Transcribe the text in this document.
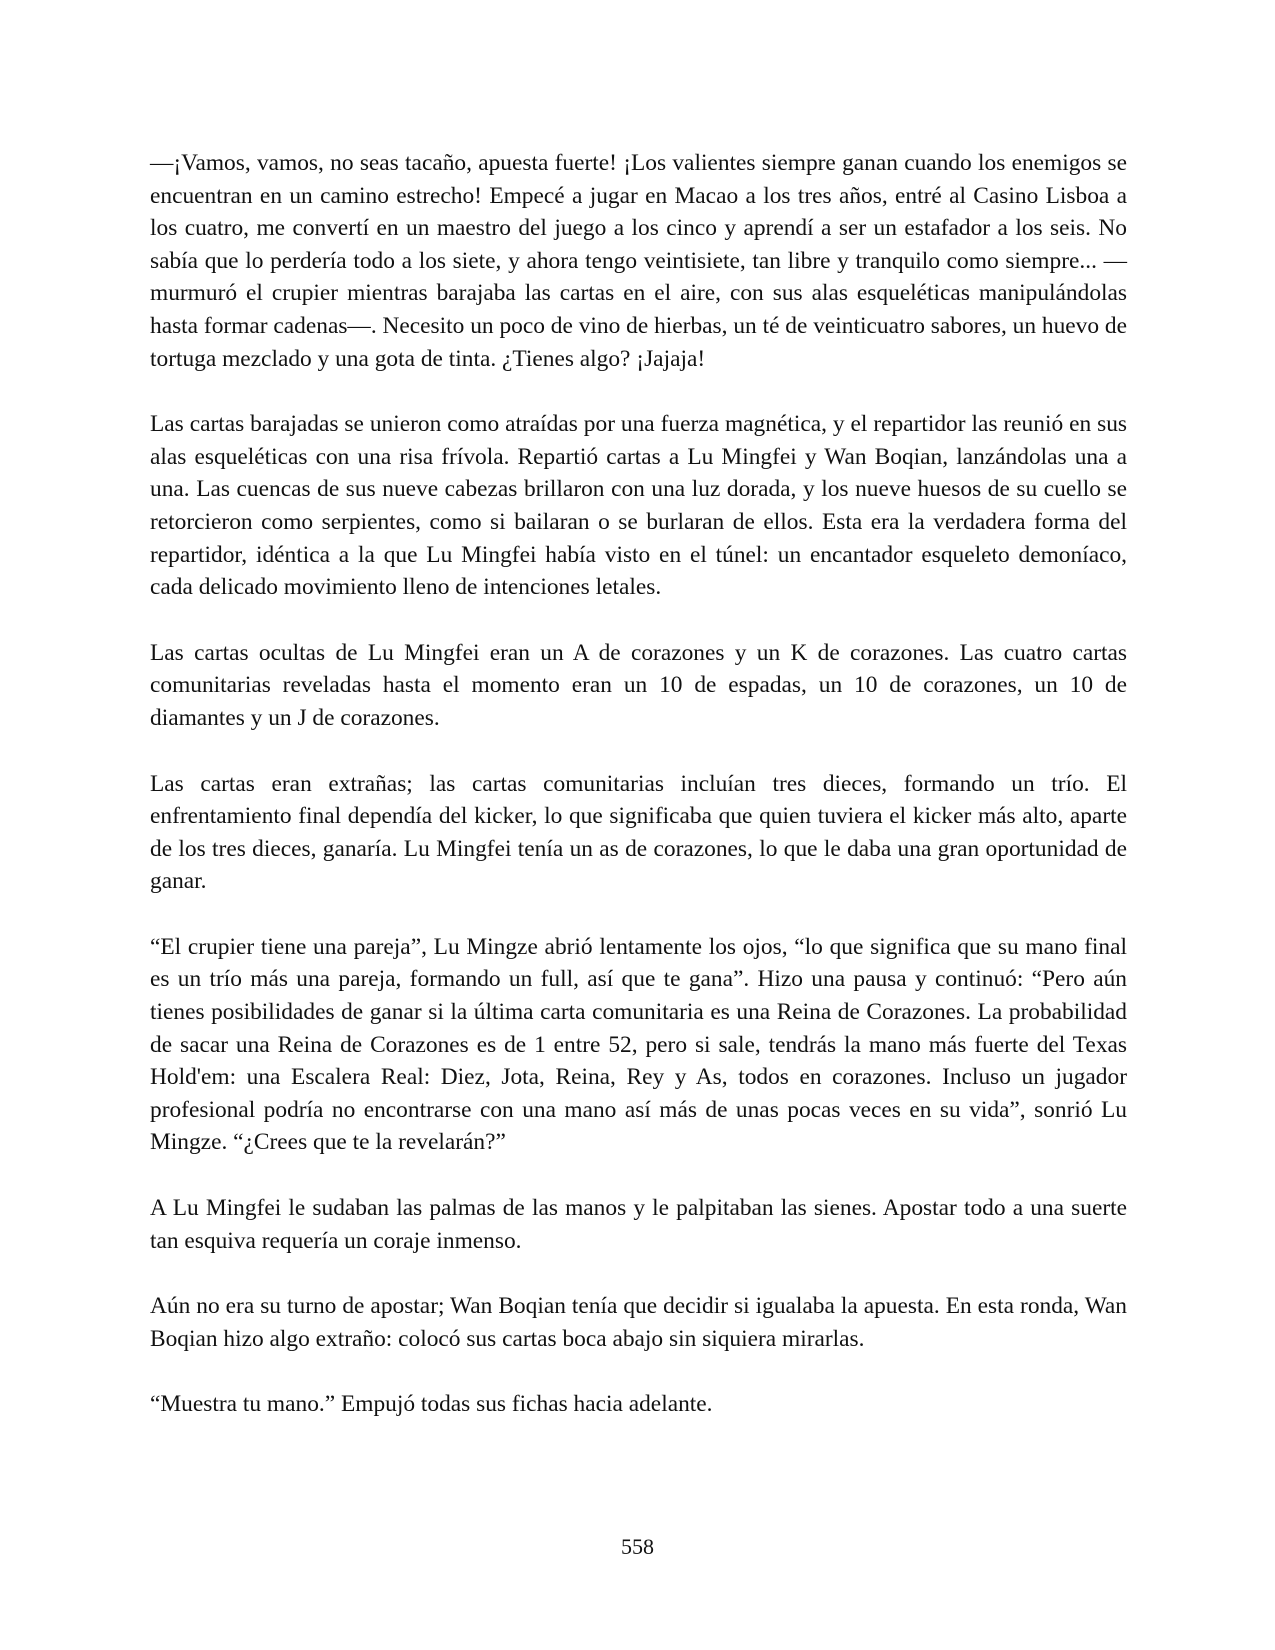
—¡Vamos, vamos, no seas tacaño, apuesta fuerte! ¡Los valientes siempre ganan cuando los enemigos se encuentran en un camino estrecho! Empecé a jugar en Macao a los tres años, entré al Casino Lisboa a los cuatro, me convertí en un maestro del juego a los cinco y aprendí a ser un estafador a los seis. No sabía que lo perdería todo a los siete, y ahora tengo veintisiete, tan libre y tranquilo como siempre... —murmuró el crupier mientras barajaba las cartas en el aire, con sus alas esqueléticas manipulándolas hasta formar cadenas—. Necesito un poco de vino de hierbas, un té de veinticuatro sabores, un huevo de tortuga mezclado y una gota de tinta. ¿Tienes algo? ¡Jajaja!

Las cartas barajadas se unieron como atraídas por una fuerza magnética, y el repartidor las reunió en sus alas esqueléticas con una risa frívola. Repartió cartas a Lu Mingfei y Wan Boqian, lanzándolas una a una. Las cuencas de sus nueve cabezas brillaron con una luz dorada, y los nueve huesos de su cuello se retorcieron como serpientes, como si bailaran o se burlaran de ellos. Esta era la verdadera forma del repartidor, idéntica a la que Lu Mingfei había visto en el túnel: un encantador esqueleto demoníaco, cada delicado movimiento lleno de intenciones letales.

Las cartas ocultas de Lu Mingfei eran un A de corazones y un K de corazones. Las cuatro cartas comunitarias reveladas hasta el momento eran un 10 de espadas, un 10 de corazones, un 10 de diamantes y un J de corazones.

Las cartas eran extrañas; las cartas comunitarias incluían tres dieces, formando un trío. El enfrentamiento final dependía del kicker, lo que significaba que quien tuviera el kicker más alto, aparte de los tres dieces, ganaría. Lu Mingfei tenía un as de corazones, lo que le daba una gran oportunidad de ganar.

“El crupier tiene una pareja”, Lu Mingze abrió lentamente los ojos, “lo que significa que su mano final es un trío más una pareja, formando un full, así que te gana”. Hizo una pausa y continuó: “Pero aún tienes posibilidades de ganar si la última carta comunitaria es una Reina de Corazones. La probabilidad de sacar una Reina de Corazones es de 1 entre 52, pero si sale, tendrás la mano más fuerte del Texas Hold'em: una Escalera Real: Diez, Jota, Reina, Rey y As, todos en corazones. Incluso un jugador profesional podría no encontrarse con una mano así más de unas pocas veces en su vida”, sonrió Lu Mingze. “¿Crees que te la revelarán?”

A Lu Mingfei le sudaban las palmas de las manos y le palpitaban las sienes. Apostar todo a una suerte tan esquiva requería un coraje inmenso.

Aún no era su turno de apostar; Wan Boqian tenía que decidir si igualaba la apuesta. En esta ronda, Wan Boqian hizo algo extraño: colocó sus cartas boca abajo sin siquiera mirarlas.

“Muestra tu mano.” Empujó todas sus fichas hacia adelante.

558
